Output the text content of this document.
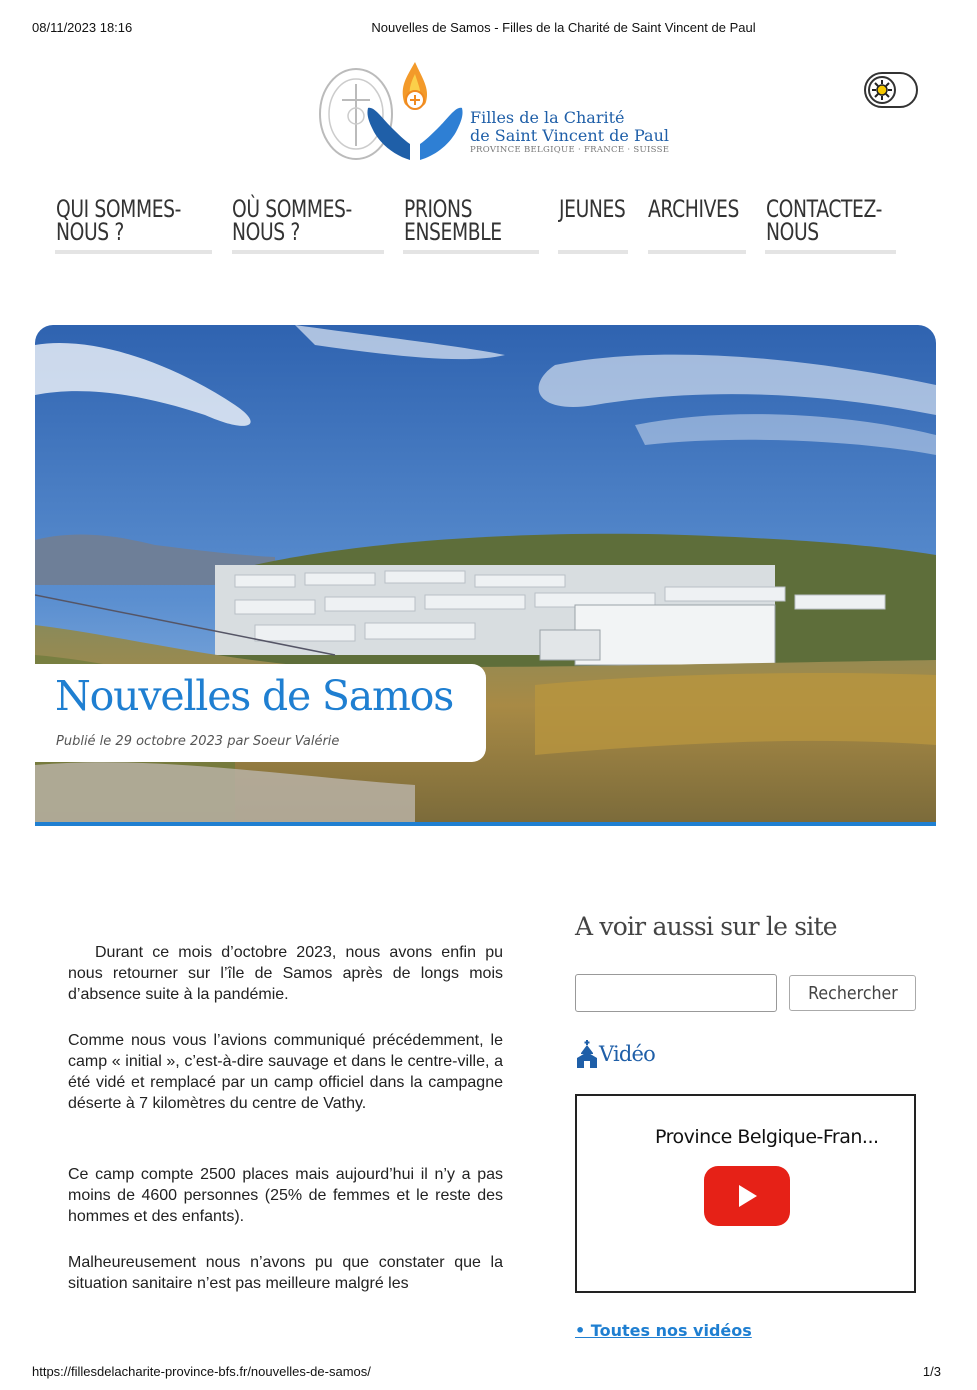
08/11/2023 18:16	Nouvelles de Samos - Filles de la Charité de Saint Vincent de Paul
https://fillesdelacharite-province-bfs.fr/nouvelles-de-samos/	1/3
Filles de la Charité
de Saint Vincent de Paul
PROVINCE BELGIQUE · FRANCE · SUISSE
QUI SOMMES-
NOUS ?
OÙ SOMMES-
NOUS ?
PRIONS
ENSEMBLE
JEUNES ARCHIVES CONTACTEZ-
NOUS
Nouvelles de Samos
Publié le 29 octobre 2023 par Soeur Valérie

Durant ce mois d’octobre 2023, nous avons enfin pu nous retourner sur l’île de Samos après de longs mois d’absence suite à la pandémie.

Comme nous vous l’avions communiqué précédemment, le camp « initial », c’est-à-dire sauvage et dans le centre-ville, a été vidé et remplacé par un camp officiel dans la campagne déserte à 7 kilomètres du centre de Vathy.

Ce camp compte 2500 places mais aujourd’hui il n’y a pas moins de 4600 personnes (25% de femmes et le reste des hommes et des enfants).

Malheureusement nous n’avons pu que constater que la situation sanitaire n’est pas meilleure malgré les

A voir aussi sur le site
Rechercher
Vidéo
Province Belgique-Fran...
• Toutes nos vidéos
